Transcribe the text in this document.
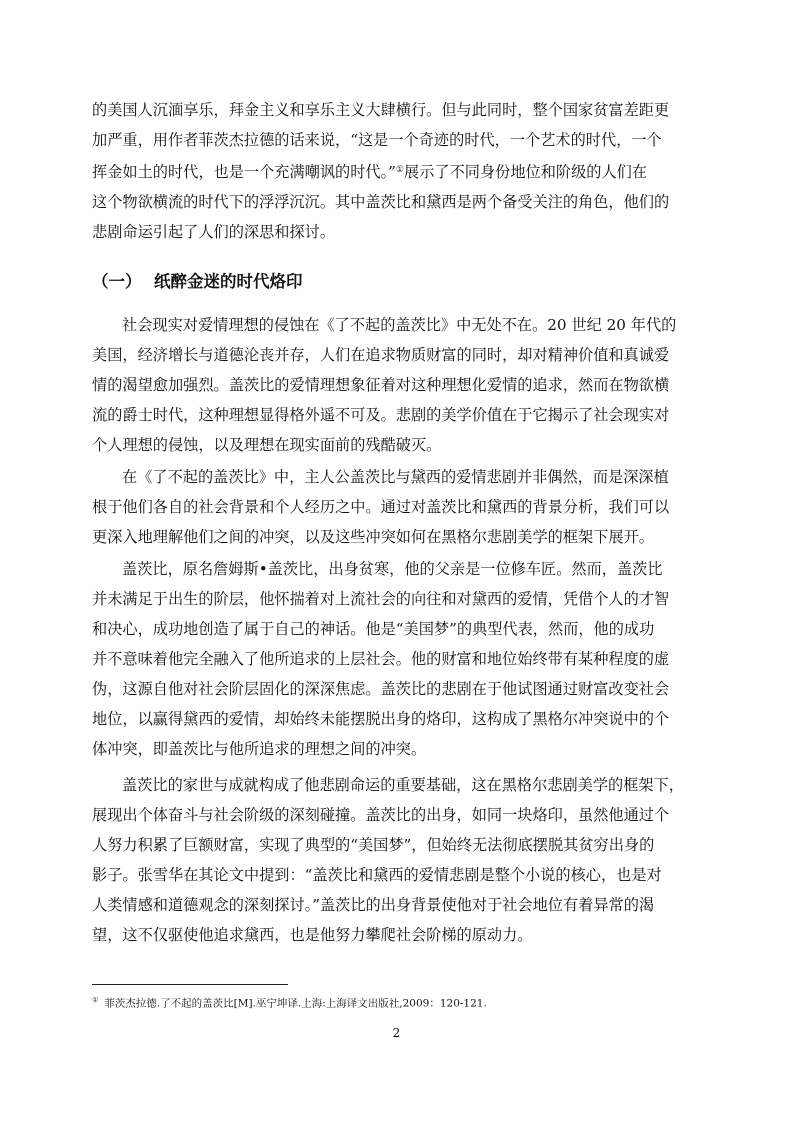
的美国人沉湎享乐，拜金主义和享乐主义大肆横行。但与此同时，整个国家贫富差距更

加严重，用作者菲茨杰拉德的话来说，“这是一个奇迹的时代，一个艺术的时代，一个

挥金如土的时代，也是一个充满嘲讽的时代。”①展示了不同身份地位和阶级的人们在

这个物欲横流的时代下的浮浮沉沉。其中盖茨比和黛西是两个备受关注的角色，他们的

悲剧命运引起了人们的深思和探讨。

（一） 纸醉金迷的时代烙印

社会现实对爱情理想的侵蚀在《了不起的盖茨比》中无处不在。20 世纪 20 年代的

美国，经济增长与道德沦丧并存，人们在追求物质财富的同时，却对精神价值和真诚爱

情的渴望愈加强烈。盖茨比的爱情理想象征着对这种理想化爱情的追求，然而在物欲横

流的爵士时代，这种理想显得格外遥不可及。悲剧的美学价值在于它揭示了社会现实对

个人理想的侵蚀，以及理想在现实面前的残酷破灭。

在《了不起的盖茨比》中，主人公盖茨比与黛西的爱情悲剧并非偶然，而是深深植

根于他们各自的社会背景和个人经历之中。通过对盖茨比和黛西的背景分析，我们可以

更深入地理解他们之间的冲突，以及这些冲突如何在黑格尔悲剧美学的框架下展开。

盖茨比，原名詹姆斯•盖茨比，出身贫寒，他的父亲是一位修车匠。然而，盖茨比

并未满足于出生的阶层，他怀揣着对上流社会的向往和对黛西的爱情，凭借个人的才智

和决心，成功地创造了属于自己的神话。他是“美国梦”的典型代表，然而，他的成功

并不意味着他完全融入了他所追求的上层社会。他的财富和地位始终带有某种程度的虚

伪，这源自他对社会阶层固化的深深焦虑。盖茨比的悲剧在于他试图通过财富改变社会

地位，以赢得黛西的爱情，却始终未能摆脱出身的烙印，这构成了黑格尔冲突说中的个

体冲突，即盖茨比与他所追求的理想之间的冲突。

盖茨比的家世与成就构成了他悲剧命运的重要基础，这在黑格尔悲剧美学的框架下，

展现出个体奋斗与社会阶级的深刻碰撞。盖茨比的出身，如同一块烙印，虽然他通过个

人努力积累了巨额财富，实现了典型的“美国梦”，但始终无法彻底摆脱其贫穷出身的

影子。张雪华在其论文中提到：“盖茨比和黛西的爱情悲剧是整个小说的核心，也是对

人类情感和道德观念的深刻探讨。”盖茨比的出身背景使他对于社会地位有着异常的渴

望，这不仅驱使他追求黛西，也是他努力攀爬社会阶梯的原动力。

① 菲茨杰拉德.了不起的盖茨比[M].巫宁坤译.上海:上海译文出版社,2009：120-121.
2
